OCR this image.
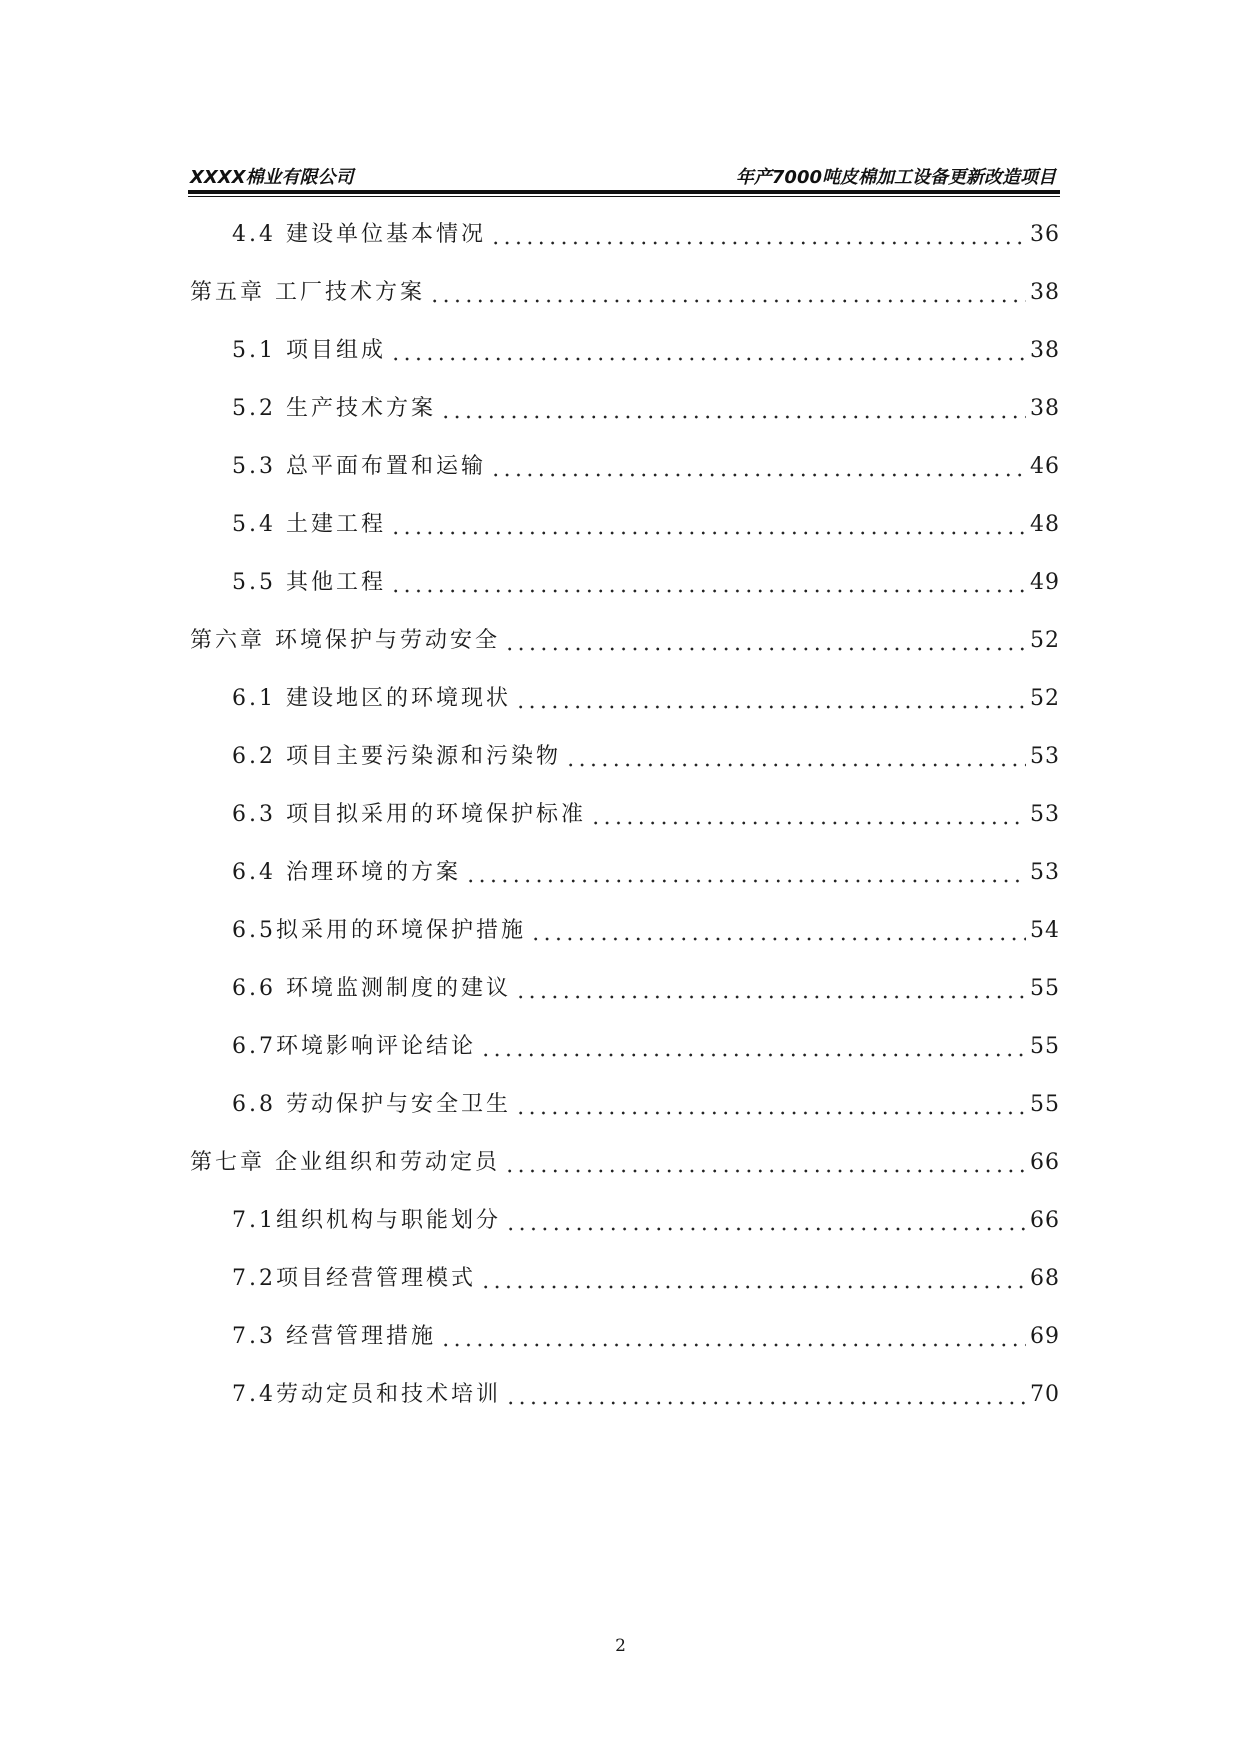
XXXX棉业有限公司	年产7000吨皮棉加工设备更新改造项目
4.4 建设单位基本情况	36
第五章 工厂技术方案	38
5.1 项目组成	38
5.2 生产技术方案	38
5.3 总平面布置和运输	46
5.4 土建工程	48
5.5 其他工程	49
第六章 环境保护与劳动安全	52
6.1 建设地区的环境现状	52
6.2 项目主要污染源和污染物	53
6.3 项目拟采用的环境保护标准	53
6.4 治理环境的方案	53
6.5拟采用的环境保护措施	54
6.6 环境监测制度的建议	55
6.7环境影响评论结论	55
6.8 劳动保护与安全卫生	55
第七章 企业组织和劳动定员	66
7.1组织机构与职能划分	66
7.2项目经营管理模式	68
7.3 经营管理措施	69
7.4劳动定员和技术培训	70
2
